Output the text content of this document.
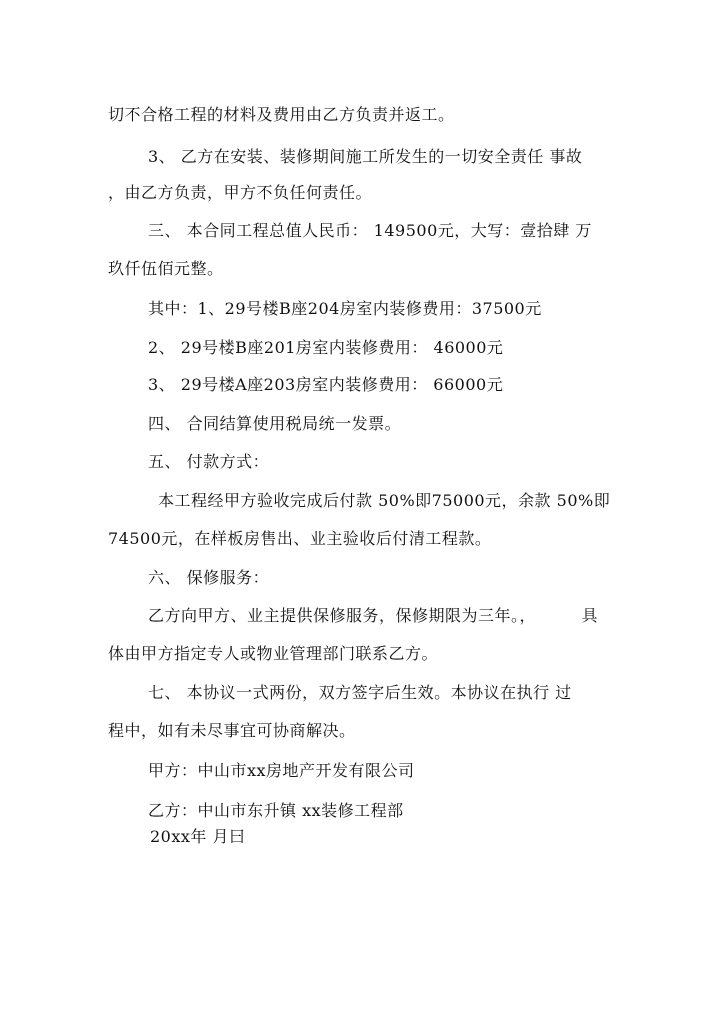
切不合格工程的材料及费用由乙方负责并返工。
3、 乙方在安装、装修期间施工所发生的一切安全责任 事故
，由乙方负责，甲方不负任何责任。
三、 本合同工程总值人民币： 149500元，大写：壹拾肆 万
玖仟伍佰元整。
其中：1、29号楼B座204房室内装修费用：37500元
2、 29号楼B座201房室内装修费用： 46000元
3、 29号楼A座203房室内装修费用： 66000元
四、 合同结算使用税局统一发票。
五、 付款方式：
本工程经甲方验收完成后付款 50%即75000元，余款 50%即
74500元，在样板房售出、业主验收后付清工程款。
六、 保修服务：
乙方向甲方、业主提供保修服务，保修期限为三年。，	具
体由甲方指定专人或物业管理部门联系乙方。
七、 本协议一式两份，双方签字后生效。本协议在执行 过
程中，如有未尽事宜可协商解决。
甲方：中山市xx房地产开发有限公司
乙方：中山市东升镇 xx装修工程部
20xx年 月曰
